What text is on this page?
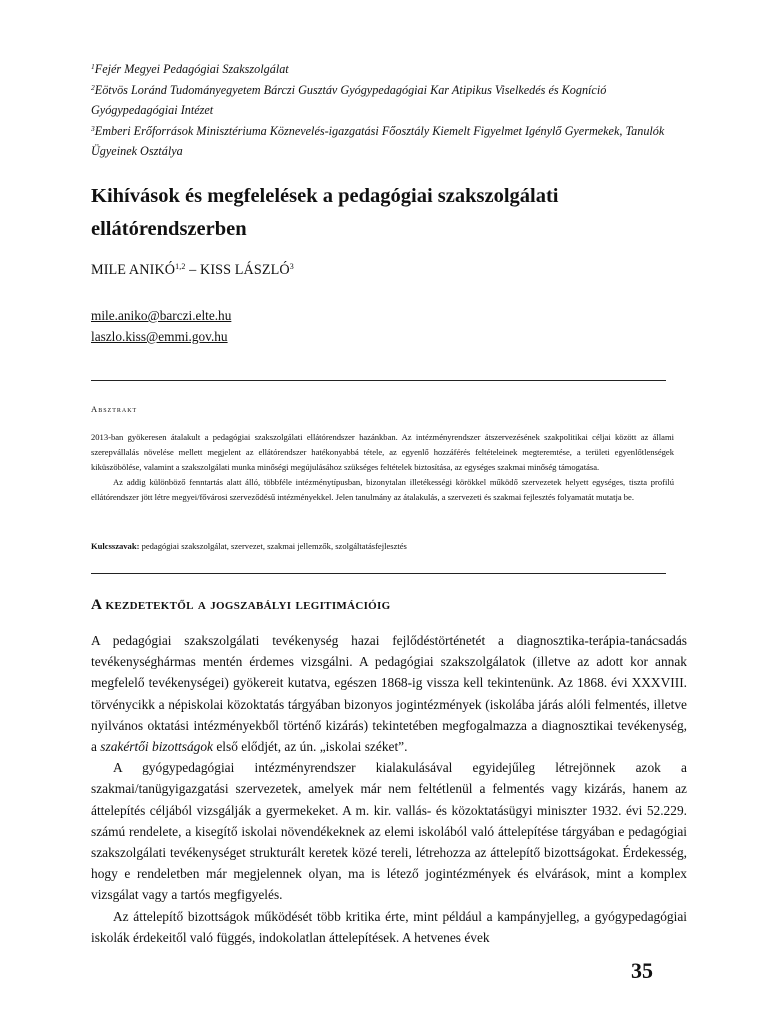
$^1$Fejér Megyei Pedagógiai Szakszolgálat

$^2$Eötvös Loránd Tudományegyetem Bárczi Gusztáv Gyógypedagógiai Kar Atipikus Viselkedés és Kogníció Gyógypedagógiai Intézet

$^3$Emberi Erőforrások Minisztériuma Köznevelés-igazgatási Főosztály Kiemelt Figyelmet Igénylő Gyermekek, Tanulók Ügyeinek Osztálya

Kihívások és megfelelések a pedagógiai szakszolgálati ellátórendszerben

MILE ANIKÓ$^{1,2}$ – KISS LÁSZLÓ$^3$

mile.aniko@barczi.elte.hu
laszlo.kiss@emmi.gov.hu
Absztrakt

2013-ban gyökeresen átalakult a pedagógiai szakszolgálati ellátórendszer hazánkban. Az intézményrendszer átszervezésének szakpolitikai céljai között az állami szerepvállalás növelése mellett megjelent az ellátórendszer hatékonyabbá tétele, az egyenlő hozzáférés feltételeinek megteremtése, a területi egyenlőtlenségek kiküszöbölése, valamint a szakszolgálati munka minőségi megújulásához szükséges feltételek biztosítása, az egységes szakmai minőség támogatása.

Az addig különböző fenntartás alatt álló, többféle intézménytípusban, bizonytalan illetékességi körökkel működő szervezetek helyett egységes, tiszta profilú ellátórendszer jött létre megyei/fővárosi szerveződésű intézményekkel. Jelen tanulmány az átalakulás, a szervezeti és szakmai fejlesztés folyamatát mutatja be.

Kulcsszavak: pedagógiai szakszolgálat, szervezet, szakmai jellemzők, szolgáltatásfejlesztés

A kezdetektől a jogszabályi legitimációig

A pedagógiai szakszolgálati tevékenység hazai fejlődéstörténetét a diagnosztika-terápia-tanácsadás tevékenységhármas mentén érdemes vizsgálni. A pedagógiai szakszolgálatok (illetve az adott kor annak megfelelő tevékenységei) gyökereit kutatva, egészen 1868-ig vissza kell tekintenünk. Az 1868. évi XXXVIII. törvénycikk a népiskolai közoktatás tárgyában bizonyos jogintézmények (iskolába járás alóli felmentés, illetve nyilvános oktatási intézményekből történő kizárás) tekintetében megfogalmazza a diagnosztikai tevékenység, a szakértői bizottságok első elődjét, az ún. „iskolai széket”.

A gyógypedagógiai intézményrendszer kialakulásával egyidejűleg létrejönnek azok a szakmai/tanügyigazgatási szervezetek, amelyek már nem feltétlenül a felmentés vagy kizárás, hanem az áttelepítés céljából vizsgálják a gyermekeket. A m. kir. vallás- és közoktatásügyi miniszter 1932. évi 52.229. számú rendelete, a kisegítő iskolai növendékeknek az elemi iskolából való áttelepítése tárgyában e pedagógiai szakszolgálati tevékenységet strukturált keretek közé tereli, létrehozza az áttelepítő bizottságokat. Érdekesség, hogy e rendeletben már megjelennek olyan, ma is létező jogintézmények és elvárások, mint a komplex vizsgálat vagy a tartós megfigyelés.

Az áttelepítő bizottságok működését több kritika érte, mint például a kampányjelleg, a gyógypedagógiai iskolák érdekeitől való függés, indokolatlan áttelepítések. A hetvenes évek

35
